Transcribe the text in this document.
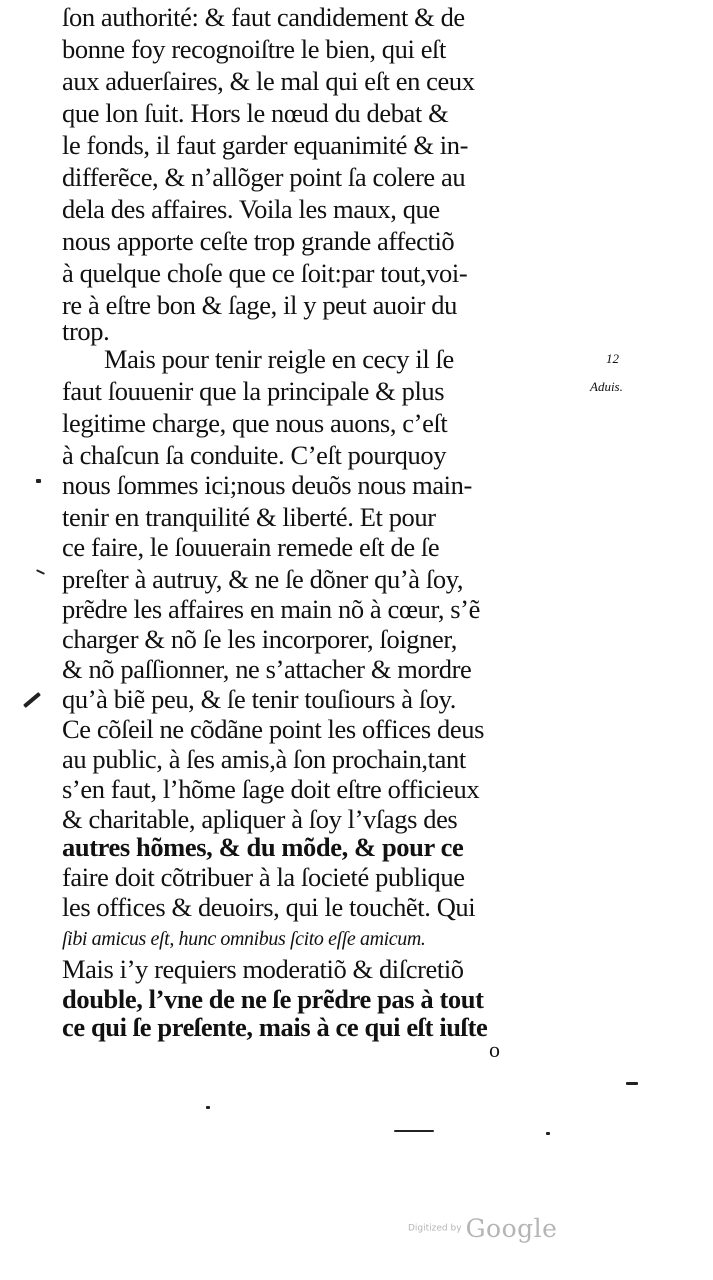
ſon authorité: & faut candidement & de
bonne foy recognoiſtre le bien, qui eſt
aux aduerſaires, & le mal qui eſt en ceux
que lon ſuit. Hors le nœud du debat &
le fonds, il faut garder equanimité & in-
differẽce, & n’allõger point ſa colere au
dela des affaires. Voila les maux, que
nous apporte ceſte trop grande affectiõ
à quelque choſe que ce ſoit:par tout,voi-
re à eſtre bon & ſage, il y peut auoir du
trop.
Mais pour tenir reigle en cecy il ſe
faut ſouuenir que la principale & plus
legitime charge, que nous auons, c’eſt
à chaſcun ſa conduite. C’eſt pourquoy
nous ſommes ici;nous deuõs nous main-
tenir en tranquilité & liberté. Et pour
ce faire, le ſouuerain remede eſt de ſe
preſter à autruy, & ne ſe dõner qu’à ſoy,
prẽdre les affaires en main nõ à cœur, s’ẽ
charger & nõ ſe les incorporer, ſoigner,
& nõ paſſionner, ne s’attacher & mordre
qu’à biẽ peu, & ſe tenir touſiours à ſoy.
Ce cõſeil ne cõdãne point les offices deus
au public, à ſes amis,à ſon prochain,tant
s’en faut, l’hõme ſage doit eſtre officieux
& charitable, apliquer à ſoy l’vſags des
autres hõmes, & du mõde, & pour ce
faire doit cõtribuer à la ſocieté publique
les offices & deuoirs, qui le touchẽt. Qui
ſibi amicus eſt, hunc omnibus ſcito eſſe amicum.
Mais i’y requiers moderatiõ & diſcretiõ
double, l’vne de ne ſe prẽdre pas à tout
ce qui ſe preſente, mais à ce qui eſt iuſte
12
Aduis.
o
Digitized by Google
